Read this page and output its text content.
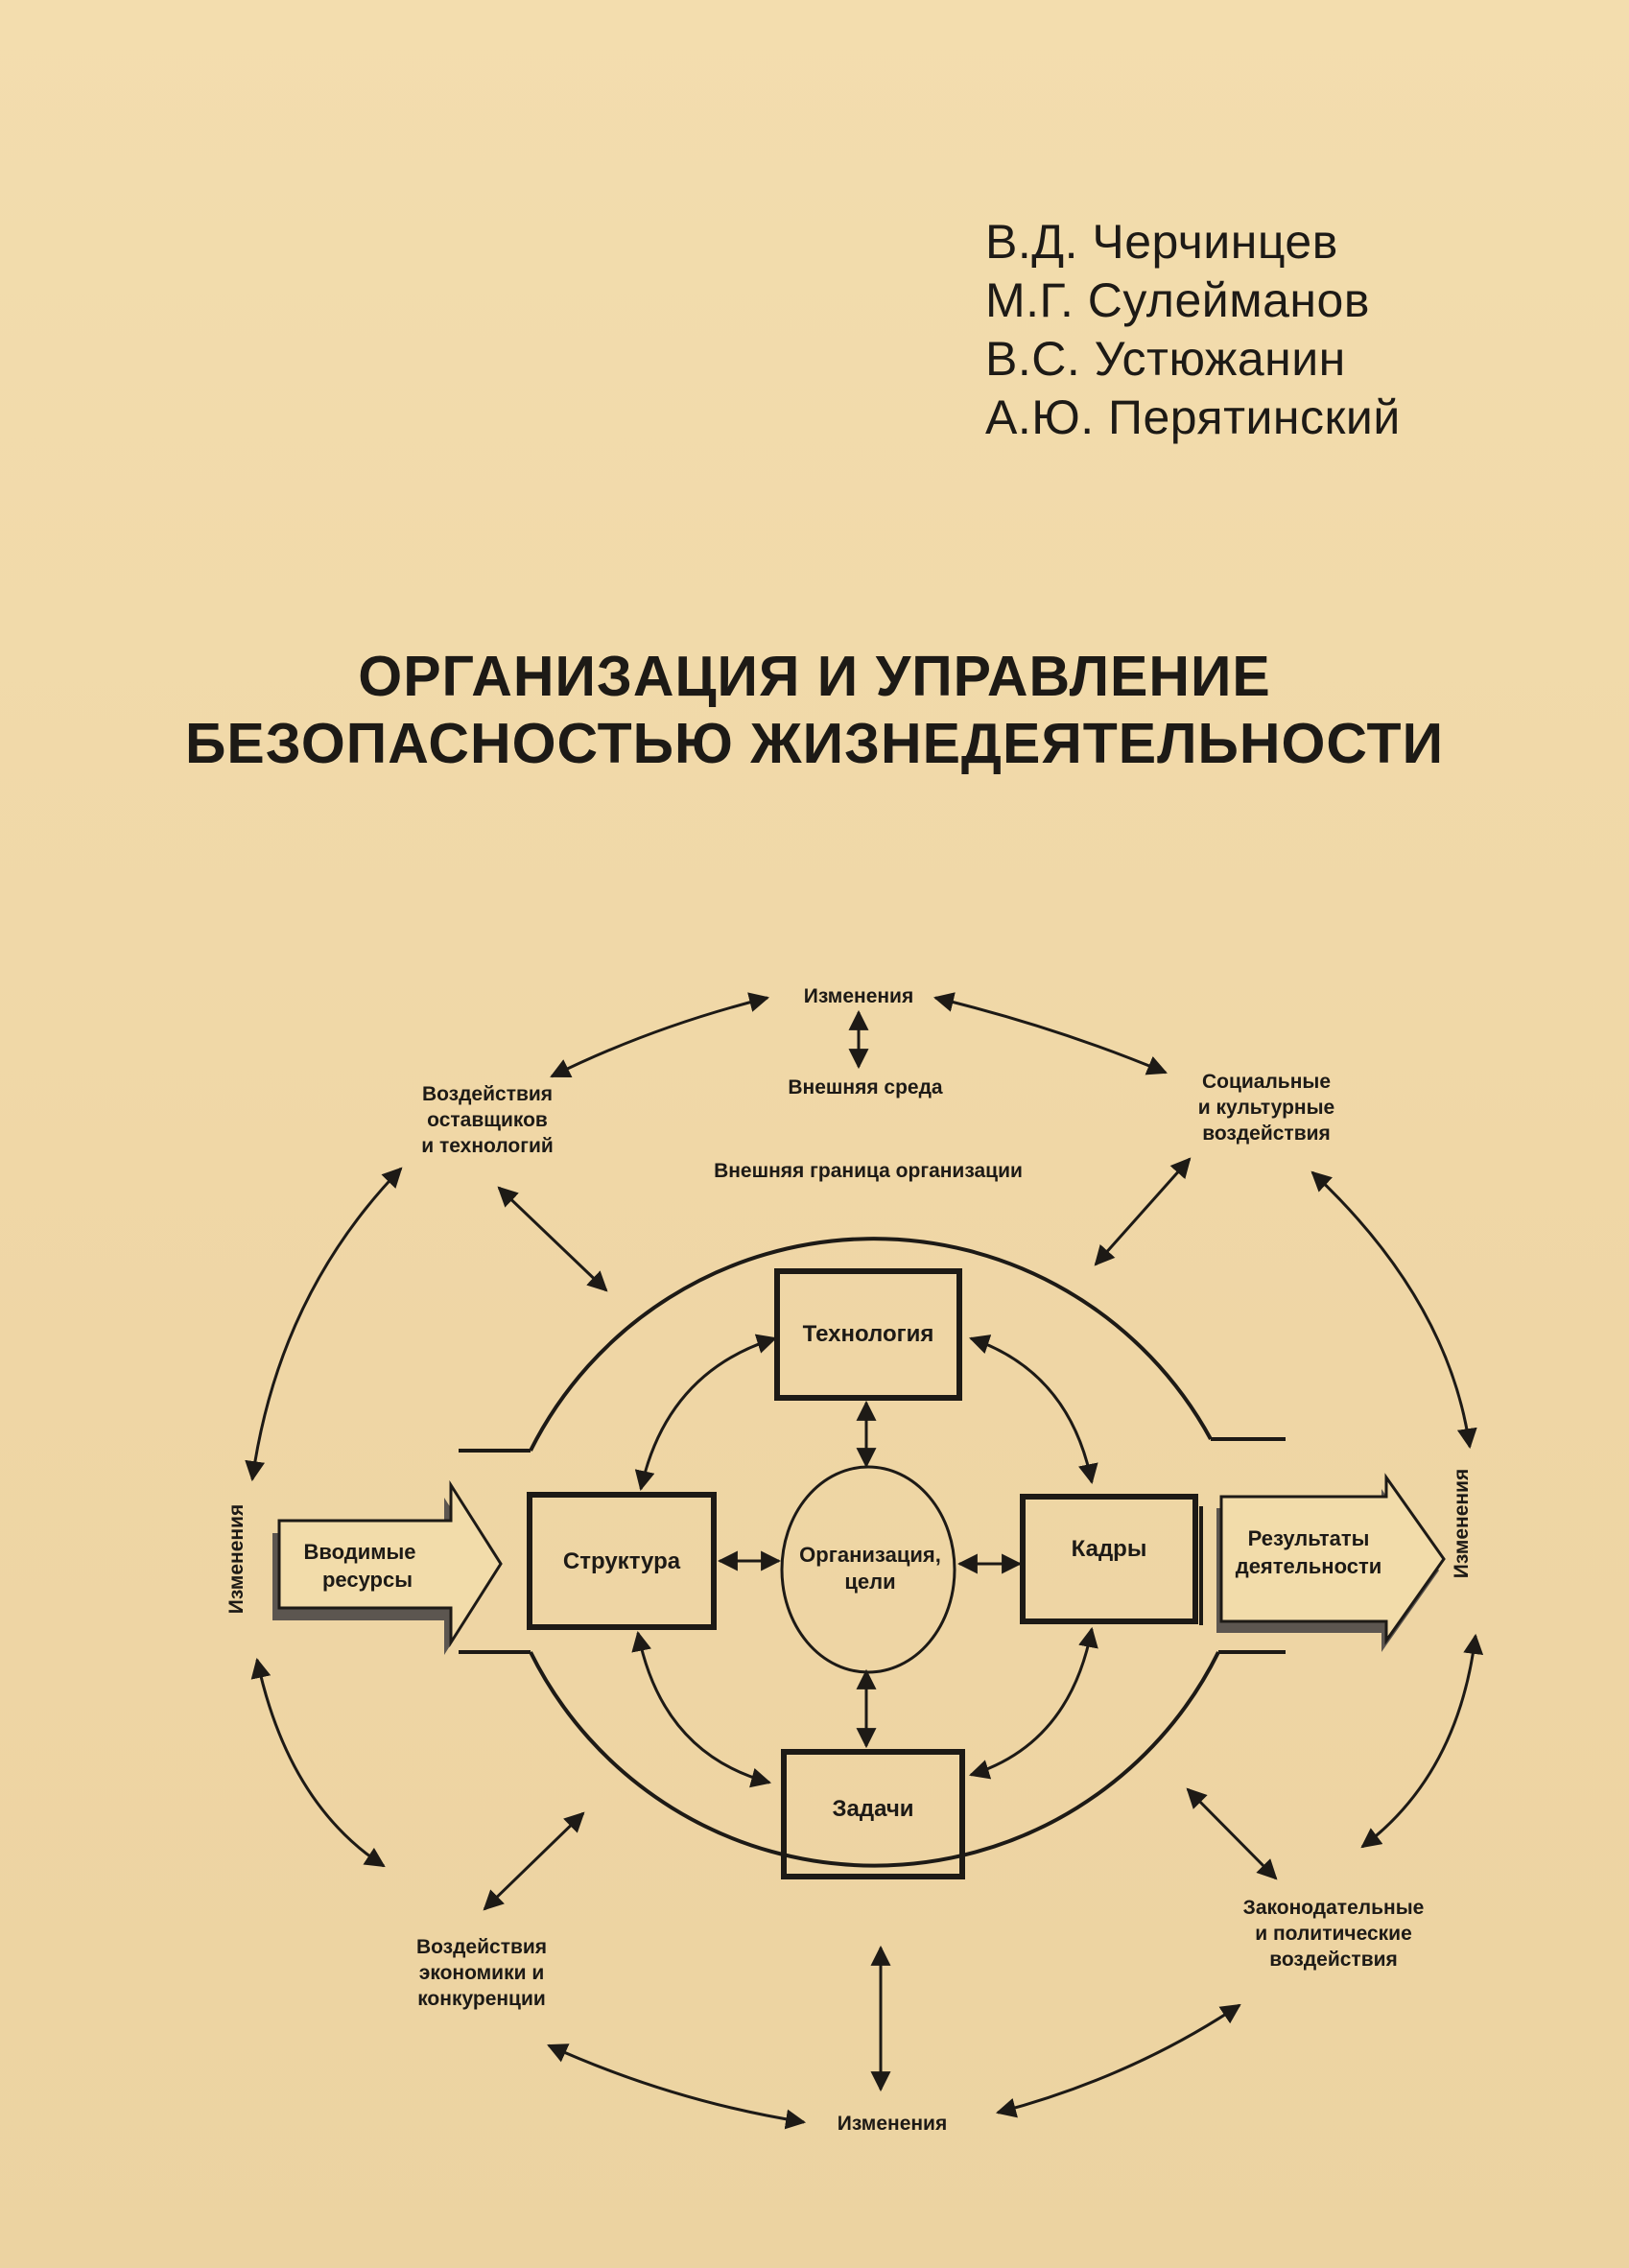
В.Д. Черчинцев
М.Г. Сулейманов
В.С. Устюжанин
А.Ю. Перятинский
ОРГАНИЗАЦИЯ И УПРАВЛЕНИЕ
БЕЗОПАСНОСТЬЮ ЖИЗНЕДЕЯТЕЛЬНОСТИ
Технология
Структура	Кадры
Задачи
Организация,
цели
Вводимые
ресурсы
Результаты
деятельности
Изменения
Внешняя среда
Воздействия
оставщиков
и технологий
Социальные
и культурные
воздействия
Внешняя граница организации
Изменения	Изменения
Воздействия
экономики и
конкуренции
Законодательные
и политические
воздействия
Изменения
